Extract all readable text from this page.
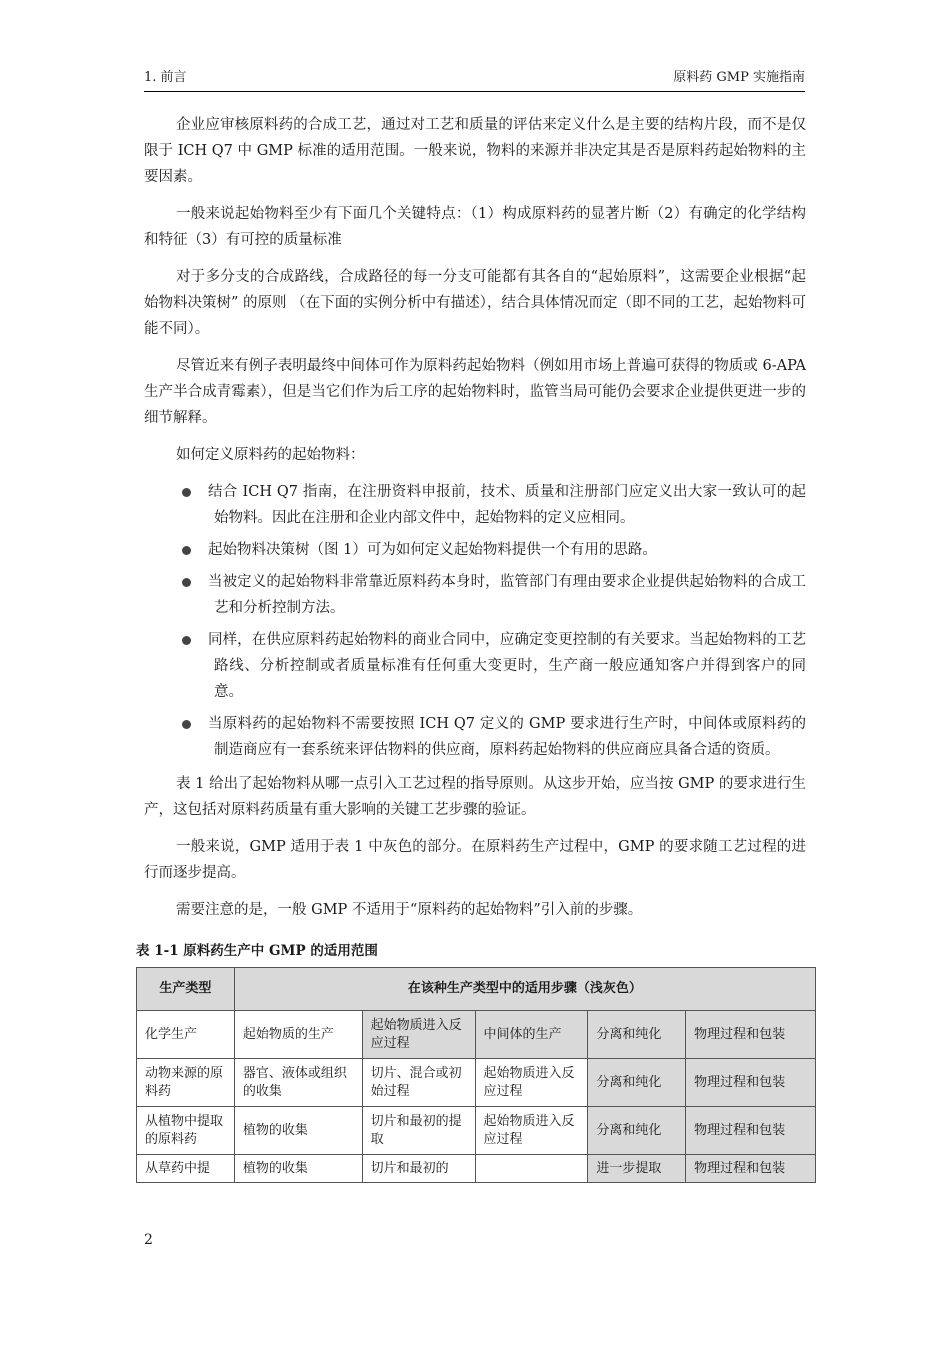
1. 前言	原料药 GMP 实施指南

企业应审核原料药的合成工艺，通过对工艺和质量的评估来定义什么是主要的结构片段，而不是仅限于 ICH Q7 中 GMP 标准的适用范围。一般来说，物料的来源并非决定其是否是原料药起始物料的主要因素。

一般来说起始物料至少有下面几个关键特点：（1）构成原料药的显著片断（2）有确定的化学结构和特征（3）有可控的质量标准

对于多分支的合成路线，合成路径的每一分支可能都有其各自的“起始原料”，这需要企业根据“起始物料决策树” 的原则 （在下面的实例分析中有描述），结合具体情况而定（即不同的工艺，起始物料可能不同）。

尽管近来有例子表明最终中间体可作为原料药起始物料（例如用市场上普遍可获得的物质或 6-APA 生产半合成青霉素），但是当它们作为后工序的起始物料时，监管当局可能仍会要求企业提供更进一步的细节解释。

如何定义原料药的起始物料：

结合 ICH Q7 指南，在注册资料申报前，技术、质量和注册部门应定义出大家一致认可的起始物料。因此在注册和企业内部文件中，起始物料的定义应相同。
起始物料决策树（图 1）可为如何定义起始物料提供一个有用的思路。
当被定义的起始物料非常靠近原料药本身时，监管部门有理由要求企业提供起始物料的合成工艺和分析控制方法。
同样，在供应原料药起始物料的商业合同中，应确定变更控制的有关要求。当起始物料的工艺路线、分析控制或者质量标准有任何重大变更时，生产商一般应通知客户并得到客户的同意。
当原料药的起始物料不需要按照 ICH Q7 定义的 GMP 要求进行生产时，中间体或原料药的制造商应有一套系统来评估物料的供应商，原料药起始物料的供应商应具备合适的资质。

表 1 给出了起始物料从哪一点引入工艺过程的指导原则。从这步开始，应当按 GMP 的要求进行生产，这包括对原料药质量有重大影响的关键工艺步骤的验证。

一般来说，GMP 适用于表 1 中灰色的部分。在原料药生产过程中，GMP 的要求随工艺过程的进行而逐步提高。

需要注意的是，一般 GMP 不适用于“原料药的起始物料”引入前的步骤。

表 1-1 原料药生产中 GMP 的适用范围
生产类型	在该种生产类型中的适用步骤（浅灰色）				
化学生产	起始物质的生产	起始物质进入反应过程	中间体的生产	分离和纯化	物理过程和包装
动物来源的原料药	器官、液体或组织的收集	切片、混合或初始过程	起始物质进入反应过程	分离和纯化	物理过程和包装
从植物中提取的原料药	植物的收集	切片和最初的提取	起始物质进入反应过程	分离和纯化	物理过程和包装
从草药中提	植物的收集	切片和最初的		进一步提取	物理过程和包装
2
